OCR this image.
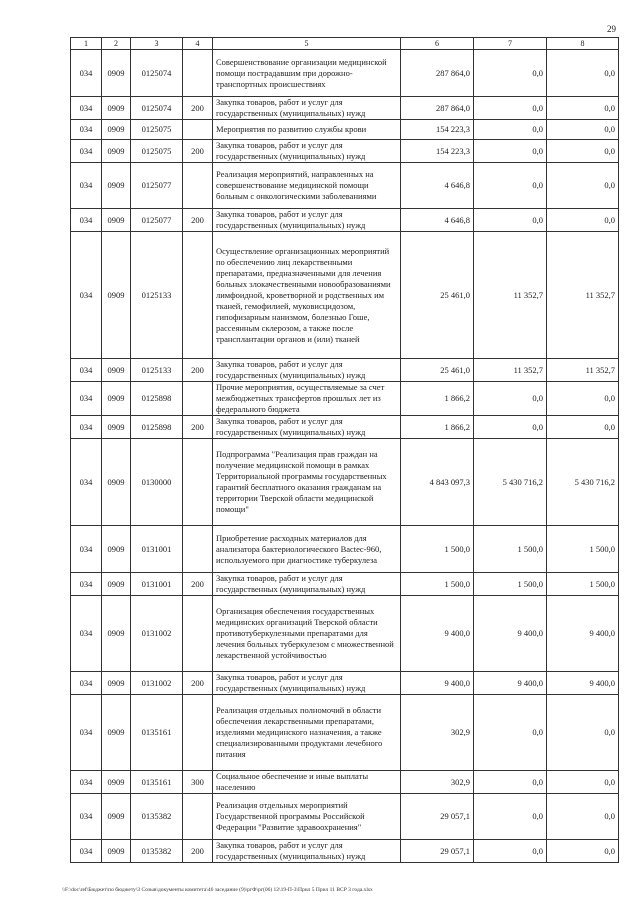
29
1	2	3	4	5	6	7	8
034	0909	0125074		Совершенствование организации медицинской помощи пострадавшим при дорожно-транспортных происшествиях	287 864,0	0,0	0,0
034	0909	0125074	200	Закупка товаров, работ и услуг для государственных (муниципальных) нужд	287 864,0	0,0	0,0
034	0909	0125075		Мероприятия по развитию службы крови	154 223,3	0,0	0,0
034	0909	0125075	200	Закупка товаров, работ и услуг для государственных (муниципальных) нужд	154 223,3	0,0	0,0
034	0909	0125077		Реализация мероприятий, направленных на совершенствование медицинской помощи больным с онкологическими заболеваниями	4 646,8	0,0	0,0
034	0909	0125077	200	Закупка товаров, работ и услуг для государственных (муниципальных) нужд	4 646,8	0,0	0,0
034	0909	0125133		Осуществление организационных мероприятий по обеспечению лиц лекарственными препаратами, предназначенными для лечения больных злокачественными новообразованиями лимфоидной, кроветворной и родственных им тканей, гемофилией, муковисцидозом, гипофизарным нанизмом, болезнью Гоше, рассеянным склерозом, а также после трансплантации органов и (или) тканей	25 461,0	11 352,7	11 352,7
034	0909	0125133	200	Закупка товаров, работ и услуг для государственных (муниципальных) нужд	25 461,0	11 352,7	11 352,7
034	0909	0125898		Прочие мероприятия, осуществляемые за счет межбюджетных трансфертов прошлых лет из федерального бюджета	1 866,2	0,0	0,0
034	0909	0125898	200	Закупка товаров, работ и услуг для государственных (муниципальных) нужд	1 866,2	0,0	0,0
034	0909	0130000		Подпрограмма "Реализация прав граждан на получение медицинской помощи в рамках Территориальной программы государственных гарантий бесплатного оказания гражданам на территории Тверской области медицинской помощи"	4 843 097,3	5 430 716,2	5 430 716,2
034	0909	0131001		Приобретение расходных материалов для анализатора бактериологического Bactec-960, используемого при диагностике туберкулеза	1 500,0	1 500,0	1 500,0
034	0909	0131001	200	Закупка товаров, работ и услуг для государственных (муниципальных) нужд	1 500,0	1 500,0	1 500,0
034	0909	0131002		Организация обеспечения государственных медицинских организаций Тверской области противотуберкулезными препаратами для лечения больных туберкулезом с множественной лекарственной устойчивостью	9 400,0	9 400,0	9 400,0
034	0909	0131002	200	Закупка товаров, работ и услуг для государственных (муниципальных) нужд	9 400,0	9 400,0	9 400,0
034	0909	0135161		Реализация отдельных полномочий в области обеспечения лекарственными препаратами, изделиями медицинского назначения, а также специализированными продуктами лечебного питания	302,9	0,0	0,0
034	0909	0135161	300	Социальное обеспечение и иные выплаты населению	302,9	0,0	0,0
034	0909	0135382		Реализация отдельных мероприятий Государственной программы Российской Федерации "Развитие здравоохранения"	29 057,1	0,0	0,0
034	0909	0135382	200	Закупка товаров, работ и услуг для государственных (муниципальных) нужд	29 057,1	0,0	0,0
\\F:\doc\ref\Бюджет\по бюджету\3 Созыв\документы комитета\46 заседание (9)\ргФ\рг(06) 12\19-П-3\Прил 5 Прил 11 ВСР 3 года.xlsx
